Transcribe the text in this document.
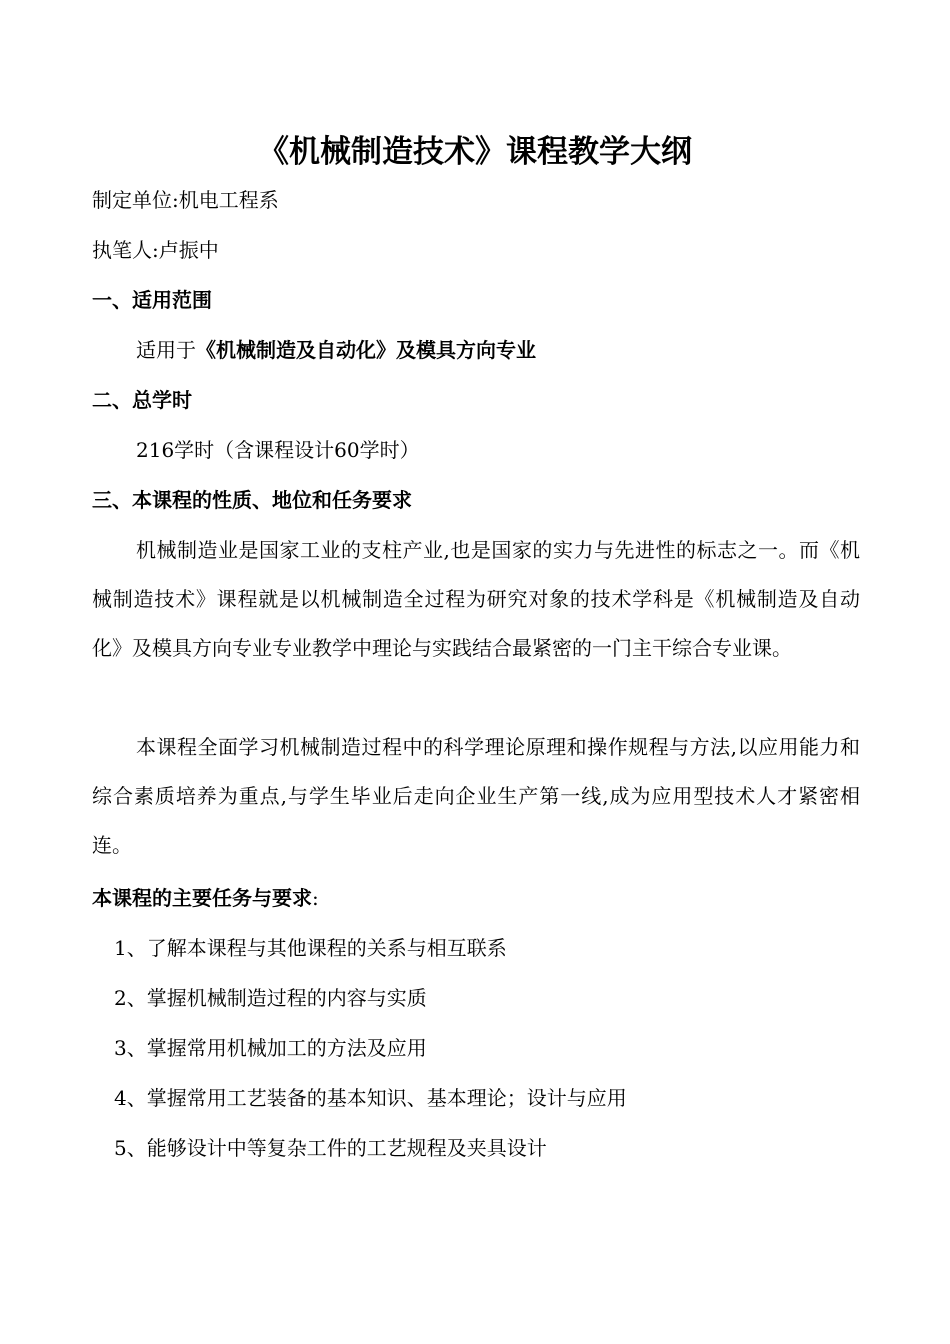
《机械制造技术》课程教学大纲
制定单位:机电工程系
执笔人:卢振中
一、适用范围
适用于《机械制造及自动化》及模具方向专业
二、总学时
216学时（含课程设计60学时）
三、本课程的性质、地位和任务要求
机械制造业是国家工业的支柱产业,也是国家的实力与先进性的标志之一。而《机械制造技术》课程就是以机械制造全过程为研究对象的技术学科是《机械制造及自动化》及模具方向专业专业教学中理论与实践结合最紧密的一门主干综合专业课。
本课程全面学习机械制造过程中的科学理论原理和操作规程与方法,以应用能力和综合素质培养为重点,与学生毕业后走向企业生产第一线,成为应用型技术人才紧密相连。
本课程的主要任务与要求:
1、了解本课程与其他课程的关系与相互联系
2、掌握机械制造过程的内容与实质
3、掌握常用机械加工的方法及应用
4、掌握常用工艺装备的基本知识、基本理论；设计与应用
5、能够设计中等复杂工件的工艺规程及夹具设计
